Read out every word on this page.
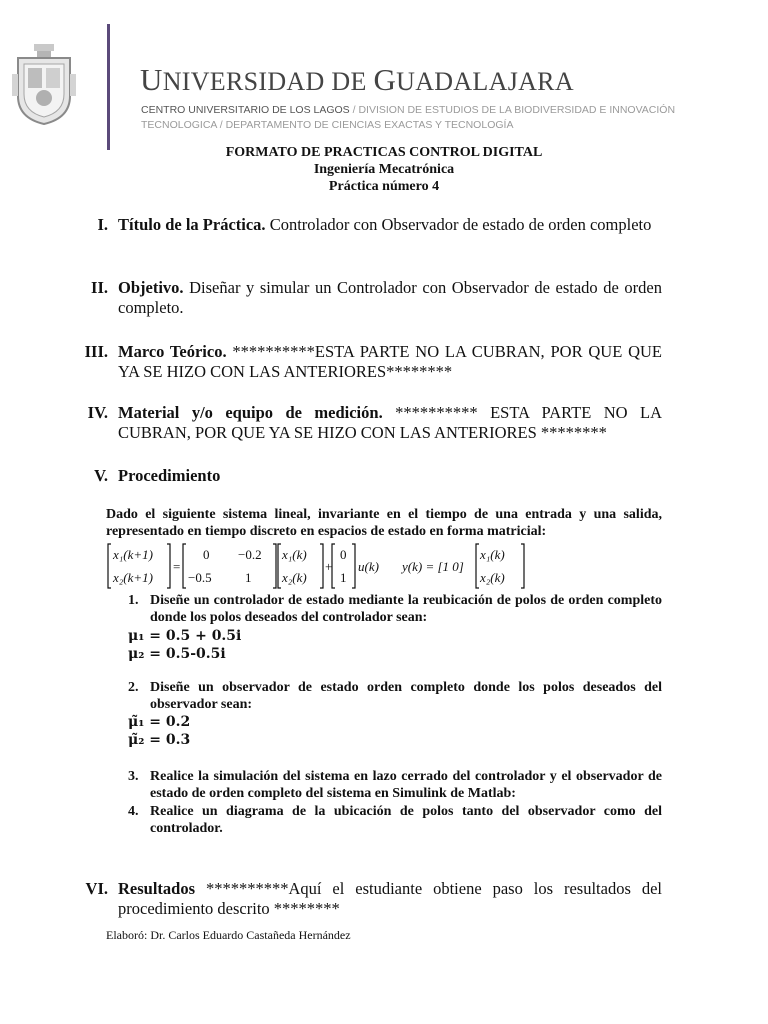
UNIVERSIDAD DE GUADALAJARA
CENTRO UNIVERSITARIO DE LOS LAGOS / DIVISION DE ESTUDIOS DE LA BIODIVERSIDAD E INNOVACIÓN
TECNOLOGICA / DEPARTAMENTO DE CIENCIAS EXACTAS Y TECNOLOGÍA
FORMATO DE PRACTICAS CONTROL DIGITAL
Ingeniería Mecatrónica
Práctica número 4
I. Título de la Práctica. Controlador con Observador de estado de orden completo
II. Objetivo. Diseñar y simular un Controlador con Observador de estado de orden completo.
III. Marco Teórico. **********ESTA PARTE NO LA CUBRAN, POR QUE QUE YA SE HIZO CON LAS ANTERIORES********
IV. Material y/o equipo de medición. ********** ESTA PARTE NO LA CUBRAN, POR QUE YA SE HIZO CON LAS ANTERIORES ********
V. Procedimiento
Dado el siguiente sistema lineal, invariante en el tiempo de una entrada y una salida, representado en tiempo discreto en espacios de estado en forma matricial:
x₁(k+1)
x₂(k+1)
x₁(k)
x₂(k)
u(k) y(k) = [1 0]
x₁(k)
x₂(k)
=
0 −0.2
−0.5	1
+
0
1
1. Diseñe un controlador de estado mediante la reubicación de polos de orden completo donde los polos deseados del controlador sean:
μ₁ = 0.5 + 0.5i
μ₂ = 0.5-0.5i
2. Diseñe un observador de estado orden completo donde los polos deseados del observador sean:
μ̃₁ = 0.2
μ̃₂ = 0.3
3. Realice la simulación del sistema en lazo cerrado del controlador y el observador de estado de orden completo del sistema en Simulink de Matlab:
4. Realice un diagrama de la ubicación de polos tanto del observador como del controlador.
VI. Resultados **********Aquí el estudiante obtiene paso los resultados del procedimiento descrito ********
Elaboró: Dr. Carlos Eduardo Castañeda Hernández
